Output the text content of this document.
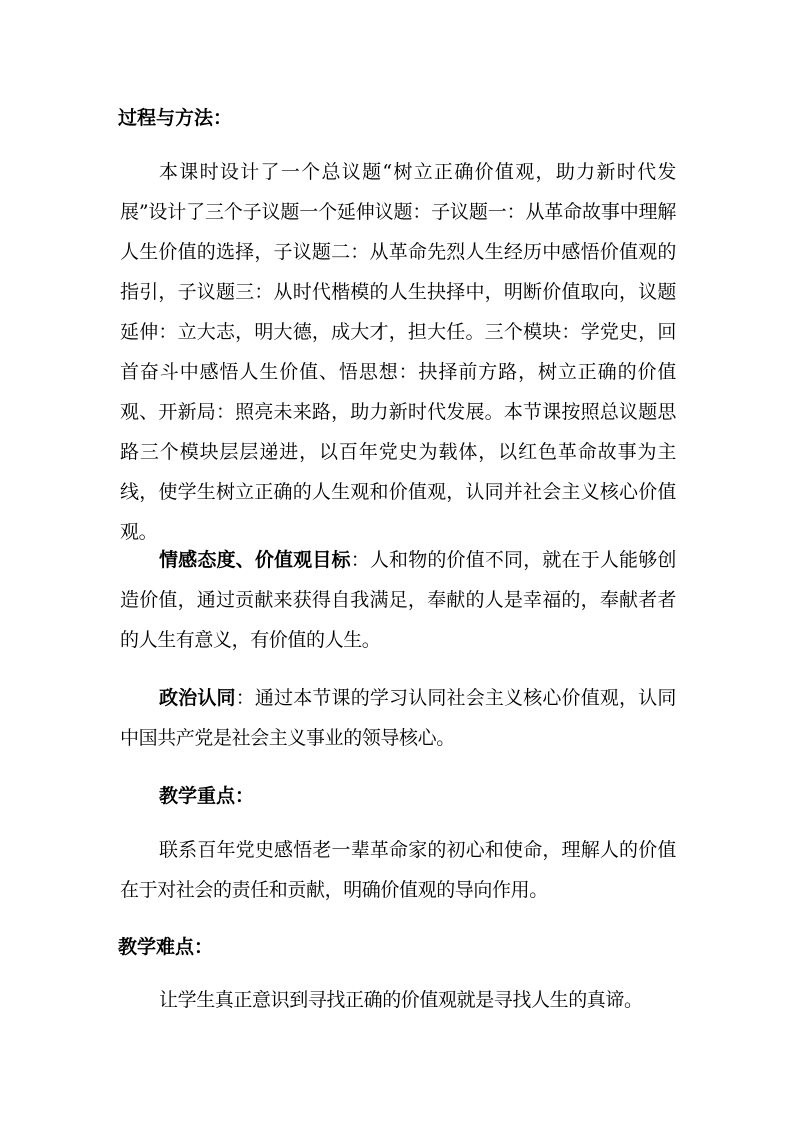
过程与方法：
本课时设计了一个总议题“树立正确价值观，助力新时代发展”设计了三个子议题一个延伸议题：子议题一：从革命故事中理解人生价值的选择，子议题二：从革命先烈人生经历中感悟价值观的指引，子议题三：从时代楷模的人生抉择中，明断价值取向，议题延伸：立大志，明大德，成大才，担大任。三个模块：学党史，回首奋斗中感悟人生价值、悟思想：抉择前方路，树立正确的价值观、开新局：照亮未来路，助力新时代发展。本节课按照总议题思路三个模块层层递进，以百年党史为载体，以红色革命故事为主线，使学生树立正确的人生观和价值观，认同并社会主义核心价值观。
情感态度、价值观目标：人和物的价值不同，就在于人能够创造价值，通过贡献来获得自我满足，奉献的人是幸福的，奉献者者的人生有意义，有价值的人生。
政治认同：通过本节课的学习认同社会主义核心价值观，认同中国共产党是社会主义事业的领导核心。
教学重点：
联系百年党史感悟老一辈革命家的初心和使命，理解人的价值在于对社会的责任和贡献，明确价值观的导向作用。
教学难点：
让学生真正意识到寻找正确的价值观就是寻找人生的真谛。
